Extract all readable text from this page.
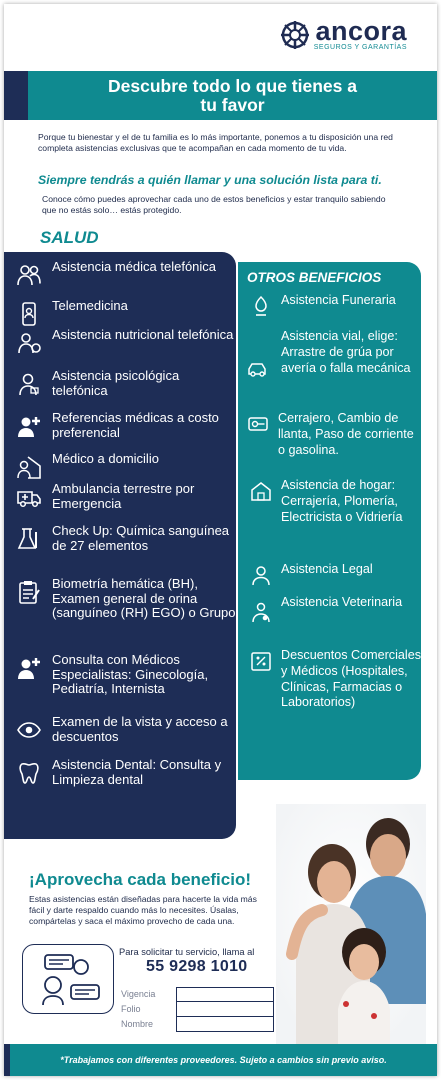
ancora
SEGUROS Y GARANTÍAS
Descubre todo lo que tienes a tu favor

Porque tu bienestar y el de tu familia es lo más importante, ponemos a tu disposición una red completa asistencias exclusivas que te acompañan en cada momento de tu vida.

Siempre tendrás a quién llamar y una solución lista para ti.

Conoce cómo puedes aprovechar cada uno de estos beneficios y estar tranquilo sabiendo que no estás solo… estás protegido.

SALUD
Asistencia médica telefónica
Telemedicina
Asistencia nutricional telefónica
Asistencia psicológica telefónica
Referencias médicas a costo preferencial
Médico a domicilio
Ambulancia terrestre por Emergencia
Check Up: Química sanguínea de 27 elementos
Biometría hemática (BH), Examen general de orina (sanguíneo (RH) EGO) o Grupo
Consulta con Médicos Especialistas: Ginecología, Pediatría, Internista
Examen de la vista y acceso a descuentos
Asistencia Dental: Consulta y Limpieza dental
OTROS BENEFICIOS
Asistencia Funeraria
Asistencia vial, elige: Arrastre de grúa por avería o falla mecánica
Cerrajero, Cambio de llanta, Paso de corriente o gasolina.
Asistencia de hogar: Cerrajería, Plomería, Electricista o Vidriería
Asistencia Legal
Asistencia Veterinaria
Descuentos Comerciales y Médicos (Hospitales, Clínicas, Farmacias o Laboratorios)
¡Aprovecha cada beneficio!

Estas asistencias están diseñadas para hacerte la vida más fácil y darte respaldo cuando más lo necesites. Úsalas, compártelas y saca el máximo provecho de cada una.

Para solicitar tu servicio, llama al
55 9298 1010
Vigencia
Folio
Nombre
*Trabajamos con diferentes proveedores. Sujeto a cambios sin previo aviso.
